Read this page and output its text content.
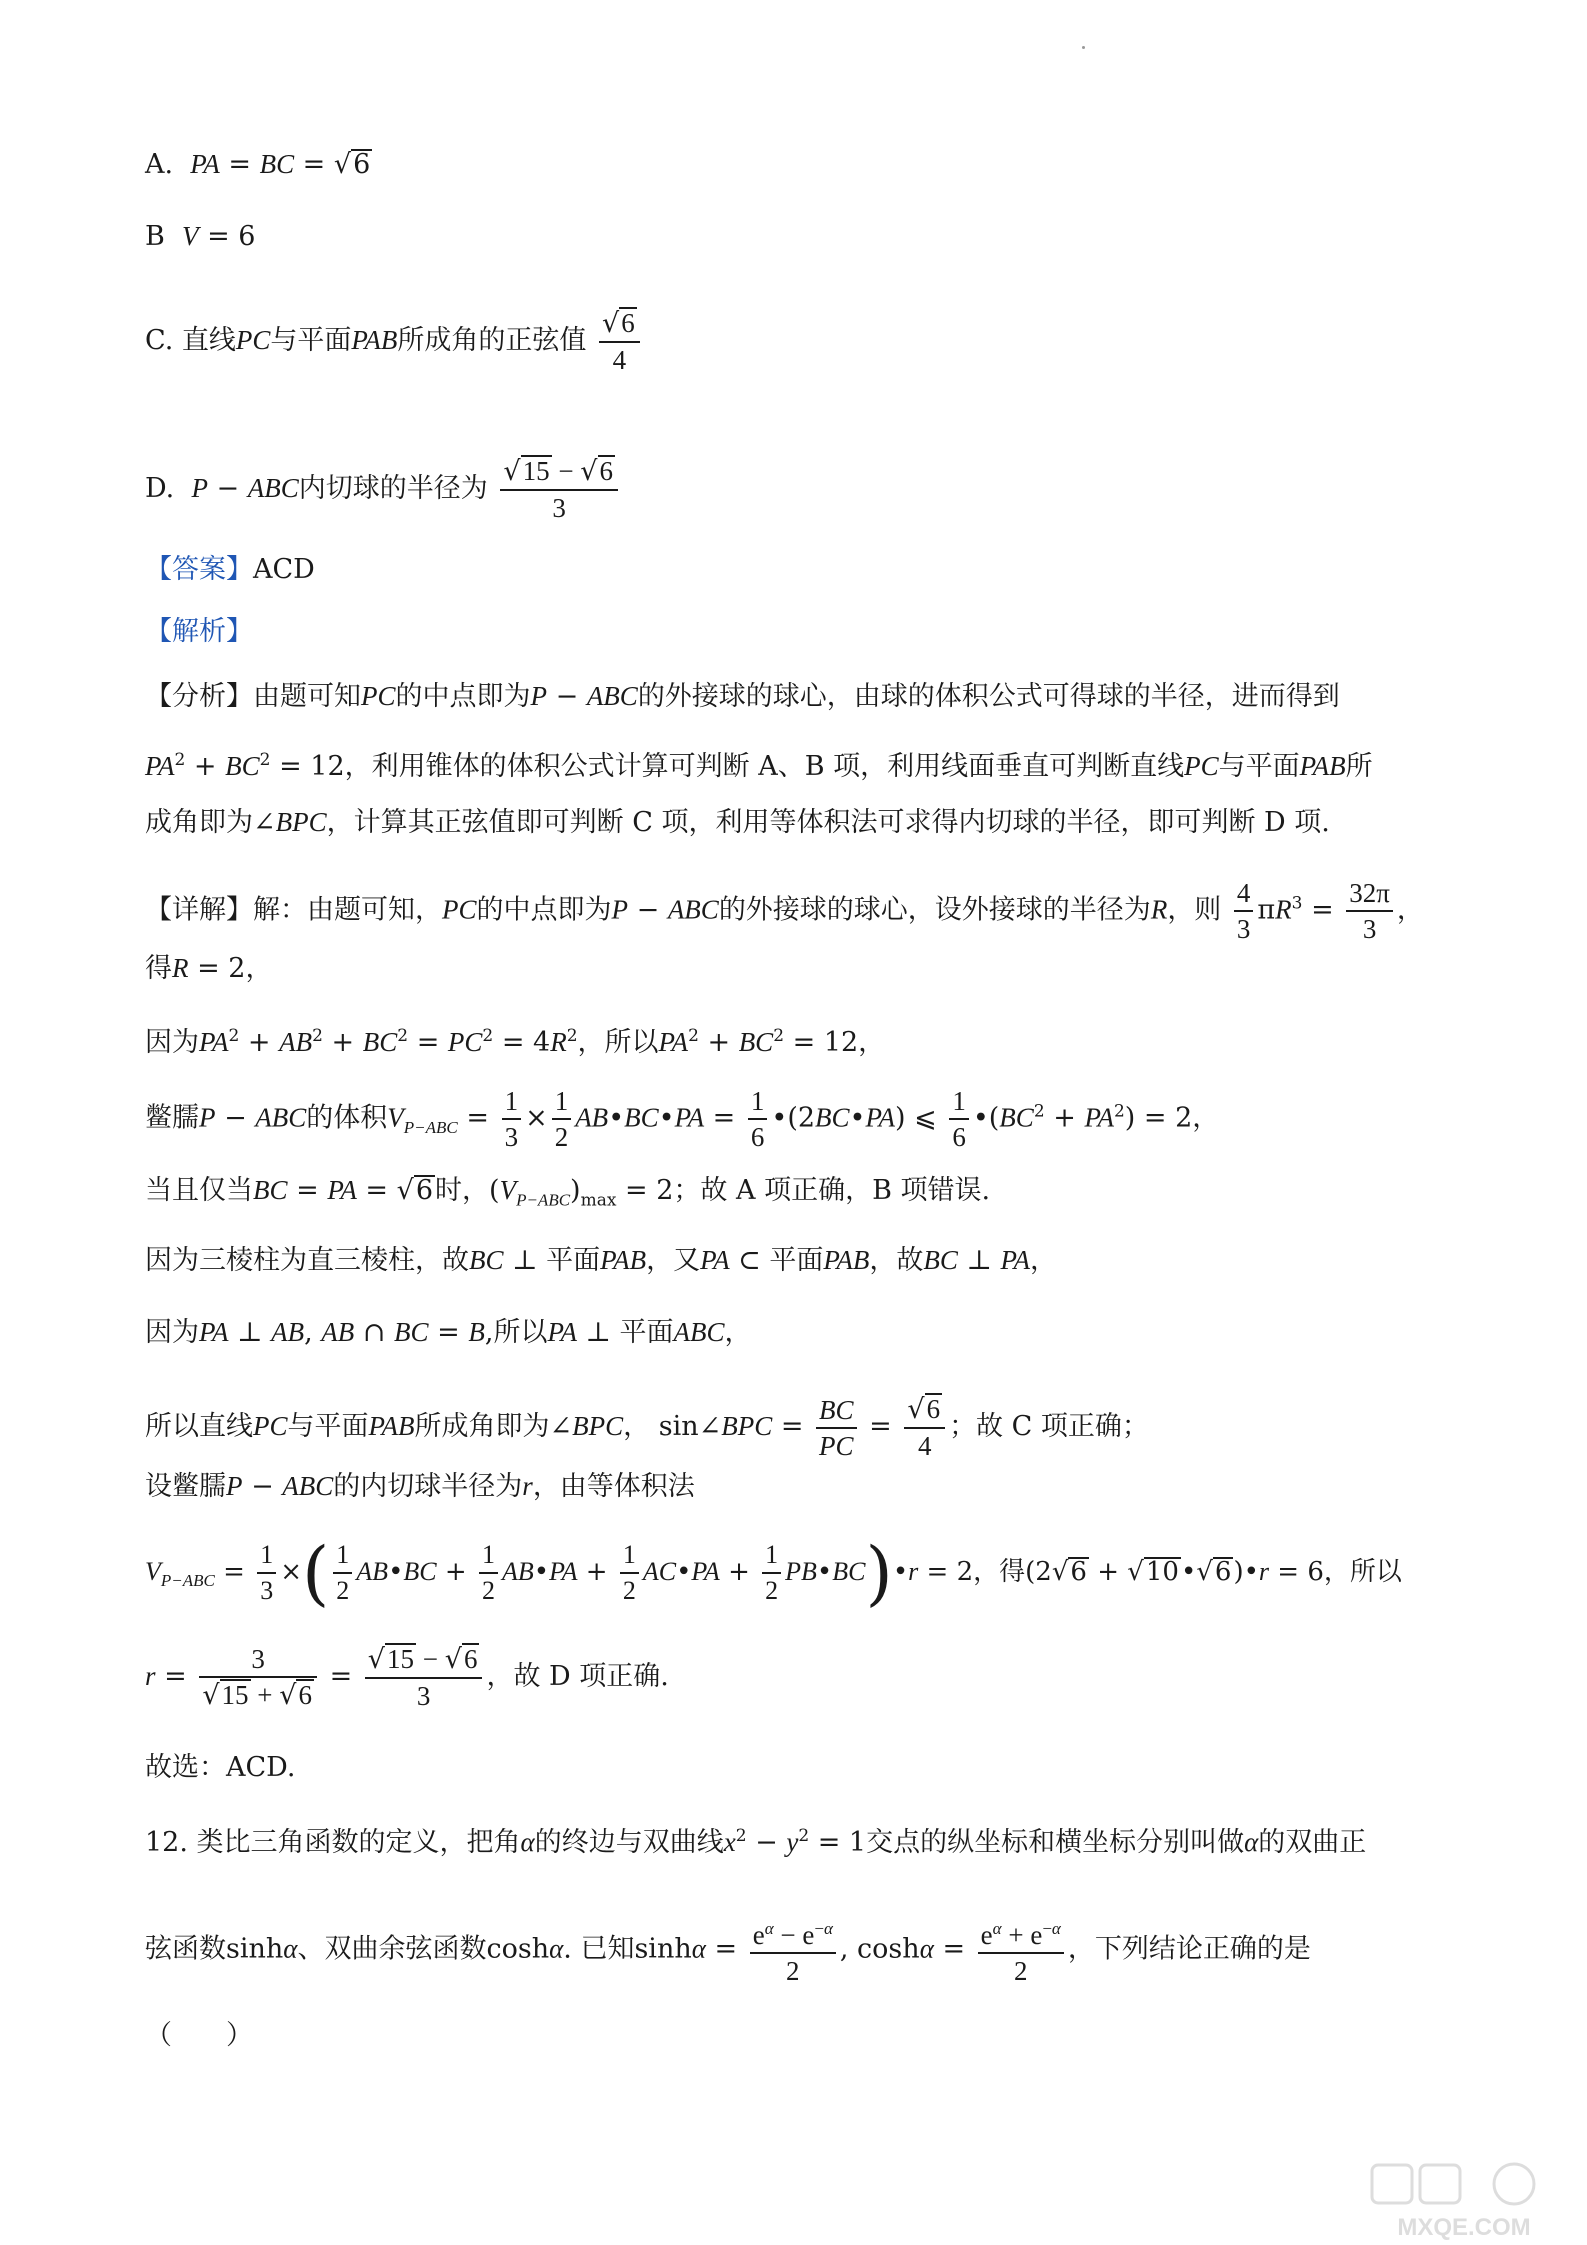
A. PA = BC = √6
B V = 6
C. 直线PC与平面PAB所成角的正弦值 $\frac{√6}{4}$
D. P − ABC内切球的半径为 $\frac{√15 - √6}{3}$
【答案】ACD
【解析】
【分析】由题可知PC的中点即为P − ABC的外接球的球心，由球的体积公式可得球的半径，进而得到
$PA^2 + BC^2 = 12$，利用锥体的体积公式计算可判断 A、B 项，利用线面垂直可判断直线PC与平面PAB所
成角即为∠BPC，计算其正弦值即可判断 C 项，利用等体积法可求得内切球的半径，即可判断 D 项.
【详解】解：由题可知，PC的中点即为P − ABC的外接球的球心，设外接球的半径为R，则 $\frac{4}{3} \pi R^3 = \frac{32\pi}{3}$ ，
得R = 2，
因为$PA^2 + AB^2 + BC^2 = PC^2 = 4R^2$，所以$PA^2 + BC^2 = 12$，
鳖臑P − ABC的体积$V_{P-ABC} = \frac{1}{3} \times \frac{1}{2}$ AB•BC•PA = $\frac{1}{6}$ •(2BC•PA) ⩽ $\frac{1}{6}$ $•(BC^2 + PA^2) = 2$，
当且仅当BC = PA = √6时，$(V_{P-ABC})_{max} = 2$；故 A 项正确，B 项错误.
因为三棱柱为直三棱柱，故BC ⊥ 平面PAB，又PA ⊂ 平面PAB，故BC ⊥ PA，
因为PA ⊥ AB, AB ∩ BC = B,所以PA ⊥ 平面ABC，
所以直线PC与平面PAB所成角即为∠BPC， sin∠BPC = $\frac{BC}{PC} = \frac{√6}{4}$ ；故 C 项正确；
设鳖臑P − ABC的内切球半径为r，由等体积法
$V_{P-ABC} = \frac{1}{3}$ ×( $\frac{1}{2}$ AB•BC + $\frac{1}{2}$ AB•PA + $\frac{1}{2}$ AC•PA + $\frac{1}{2}$ PB•BC)•r = 2，得(2√6 + √10•√6)•r = 6，所以
$r = \frac{3}{√15 + √6} = \frac{√15 - √6}{3}$ ，故 D 项正确.
故选：ACD.
12. 类比三角函数的定义，把角α的终边与双曲线$x^2 - y^2 = 1$交点的纵坐标和横坐标分别叫做α的双曲正
弦函数sinhα、双曲余弦函数coshα. 已知$\sinh\alpha = \frac{e^\alpha - e^{-\alpha}}{2}$ , $\cosh\alpha = \frac{e^\alpha + e^{-\alpha}}{2}$ ，下列结论正确的是
（　　）
MXQE.COM
